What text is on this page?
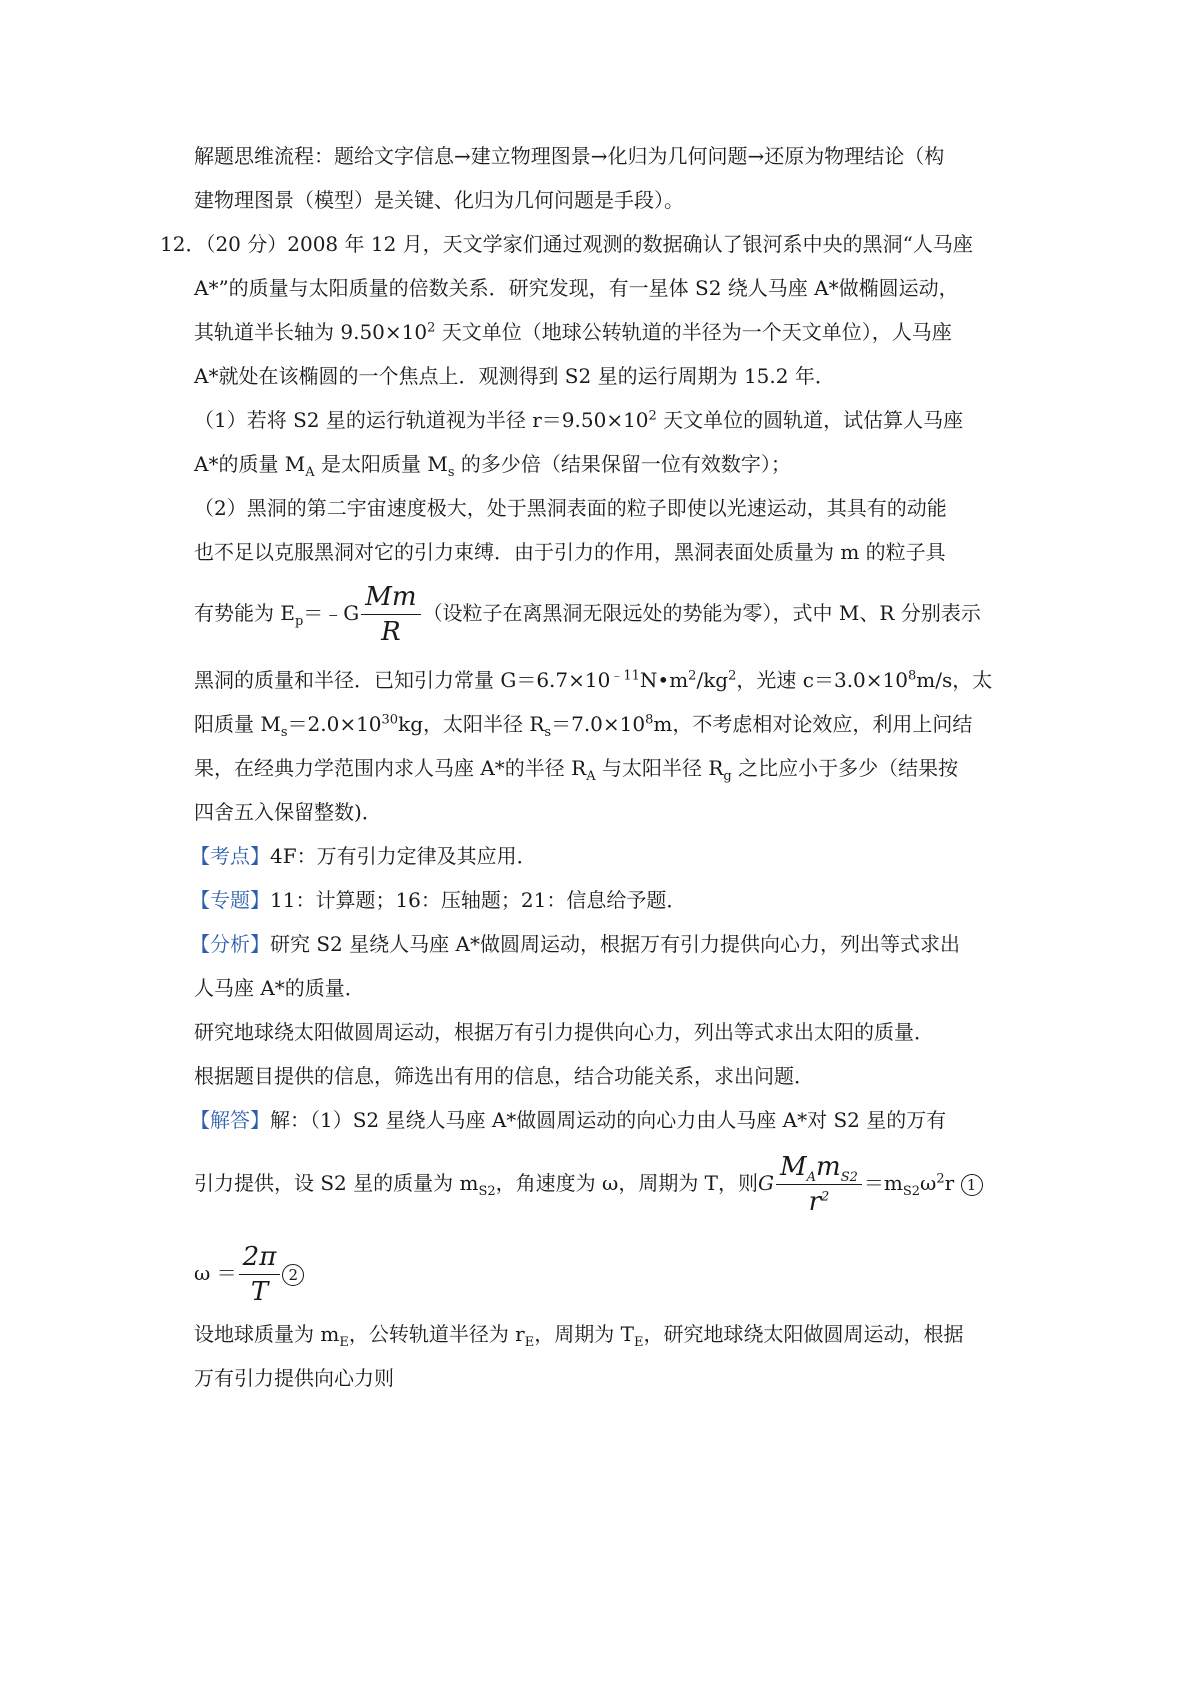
解题思维流程：题给文字信息→建立物理图景→化归为几何问题→还原为物理结论（构
建物理图景（模型）是关键、化归为几何问题是手段）。
12．（20 分）2008 年 12 月，天文学家们通过观测的数据确认了银河系中央的黑洞“人马座
A*”的质量与太阳质量的倍数关系．研究发现，有一星体 S2 绕人马座 A*做椭圆运动，
其轨道半长轴为 $9.50\times 10^2$ 天文单位（地球公转轨道的半径为一个天文单位），人马座
A*就处在该椭圆的一个焦点上．观测得到 S2 星的运行周期为 15.2 年．
（1）若将 S2 星的运行轨道视为半径 $r=9.50\times 10^2$ 天文单位的圆轨道，试估算人马座
A*的质量 $M_A$ 是太阳质量 $M_s$ 的多少倍（结果保留一位有效数字）；
（2）黑洞的第二宇宙速度极大，处于黑洞表面的粒子即使以光速运动，其具有的动能
也不足以克服黑洞对它的引力束缚．由于引力的作用，黑洞表面处质量为 m 的粒子具
有势能为 $E_p=﹣G \frac{Mm}{R}$ （设粒子在离黑洞无限远处的势能为零），式中 M、R 分别表示
黑洞的质量和半径．已知引力常量 $G=6.7\times 10^{﹣11}N•m^2/kg^2$，光速 $c=3.0\times 10^8m/s$，太
阳质量 $M_s=2.0\times 10^{30}kg$，太阳半径 $R_s=7.0\times 10^8m$，不考虑相对论效应，利用上问结
果，在经典力学范围内求人马座 A*的半径 $R_A$ 与太阳半径 $R_g$ 之比应小于多少（结果按
四舍五入保留整数)．
【考点】4F：万有引力定律及其应用．
【专题】11：计算题；16：压轴题；21：信息给予题．
【分析】研究 S2 星绕人马座 A*做圆周运动，根据万有引力提供向心力，列出等式求出
人马座 A*的质量．
研究地球绕太阳做圆周运动，根据万有引力提供向心力，列出等式求出太阳的质量．
根据题目提供的信息，筛选出有用的信息，结合功能关系，求出问题．
【解答】解：（1）S2 星绕人马座 A*做圆周运动的向心力由人马座 A*对 S2 星的万有
引力提供，设 S2 星的质量为 $m_{S2}$，角速度为 ω，周期为 T，则G $\frac{M_Am_{S2}}{r^2} =m_{S2}\omega^2r$ 1
$\omega = \frac{2\pi}{T} 2$
设地球质量为 $m_E$，公转轨道半径为 $r_E$，周期为 $T_E$，研究地球绕太阳做圆周运动，根据
万有引力提供向心力则
